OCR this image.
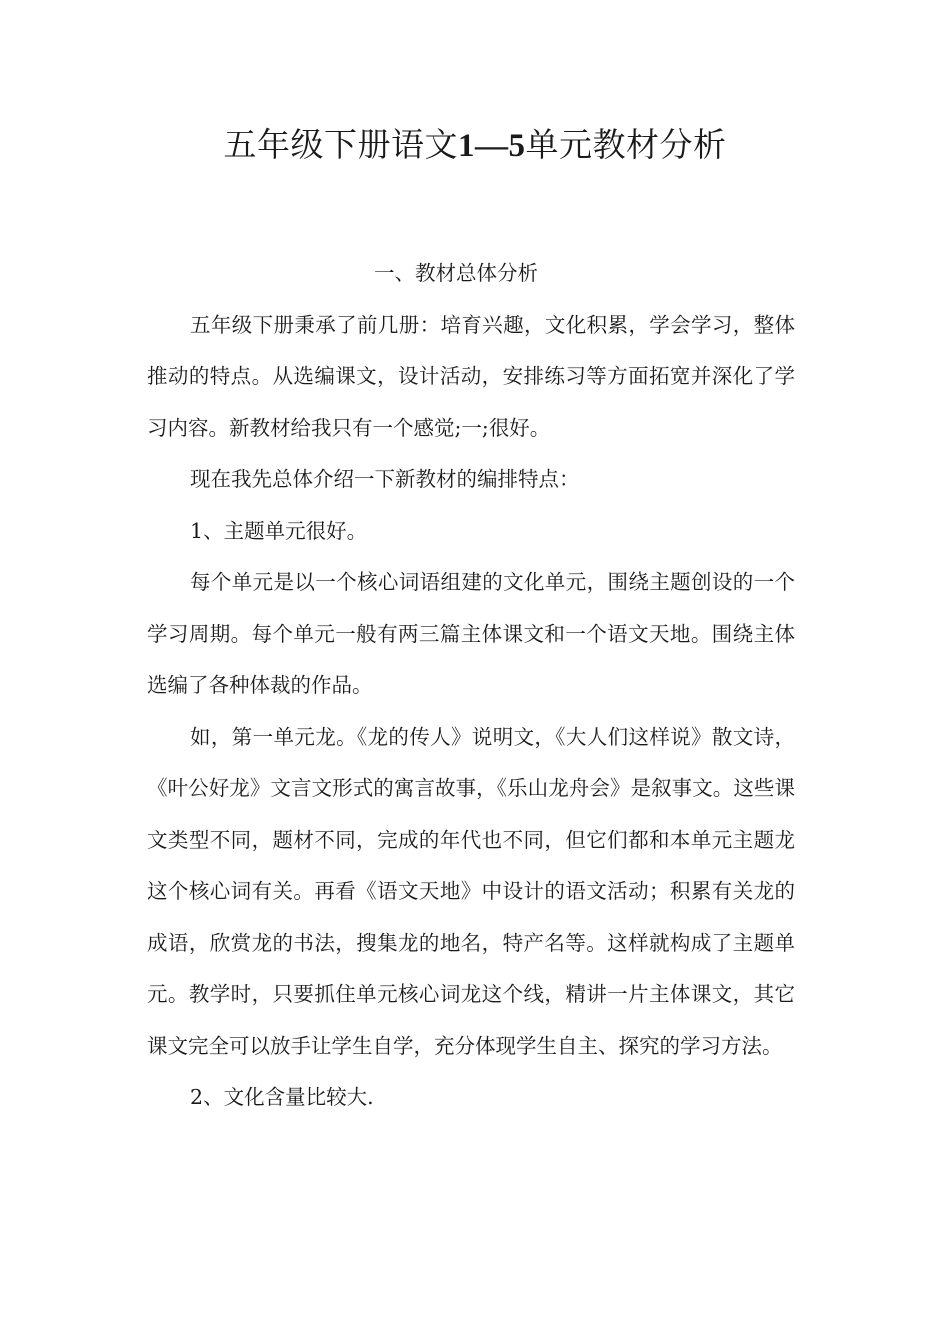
五年级下册语文1—5单元教材分析

一、教材总体分析

五年级下册秉承了前几册：培育兴趣，文化积累，学会学习，整体推动的特点。从选编课文，设计活动，安排练习等方面拓宽并深化了学习内容。新教材给我只有一个感觉;一;很好。

现在我先总体介绍一下新教材的编排特点：

1、主题单元很好。

每个单元是以一个核心词语组建的文化单元，围绕主题创设的一个学习周期。每个单元一般有两三篇主体课文和一个语文天地。围绕主体选编了各种体裁的作品。

如，第一单元龙。《龙的传人》说明文，《大人们这样说》散文诗，《叶公好龙》文言文形式的寓言故事，《乐山龙舟会》是叙事文。这些课文类型不同，题材不同，完成的年代也不同，但它们都和本单元主题龙这个核心词有关。再看《语文天地》中设计的语文活动；积累有关龙的成语，欣赏龙的书法，搜集龙的地名，特产名等。这样就构成了主题单元。教学时，只要抓住单元核心词龙这个线，精讲一片主体课文，其它课文完全可以放手让学生自学，充分体现学生自主、探究的学习方法。

2、文化含量比较大.
